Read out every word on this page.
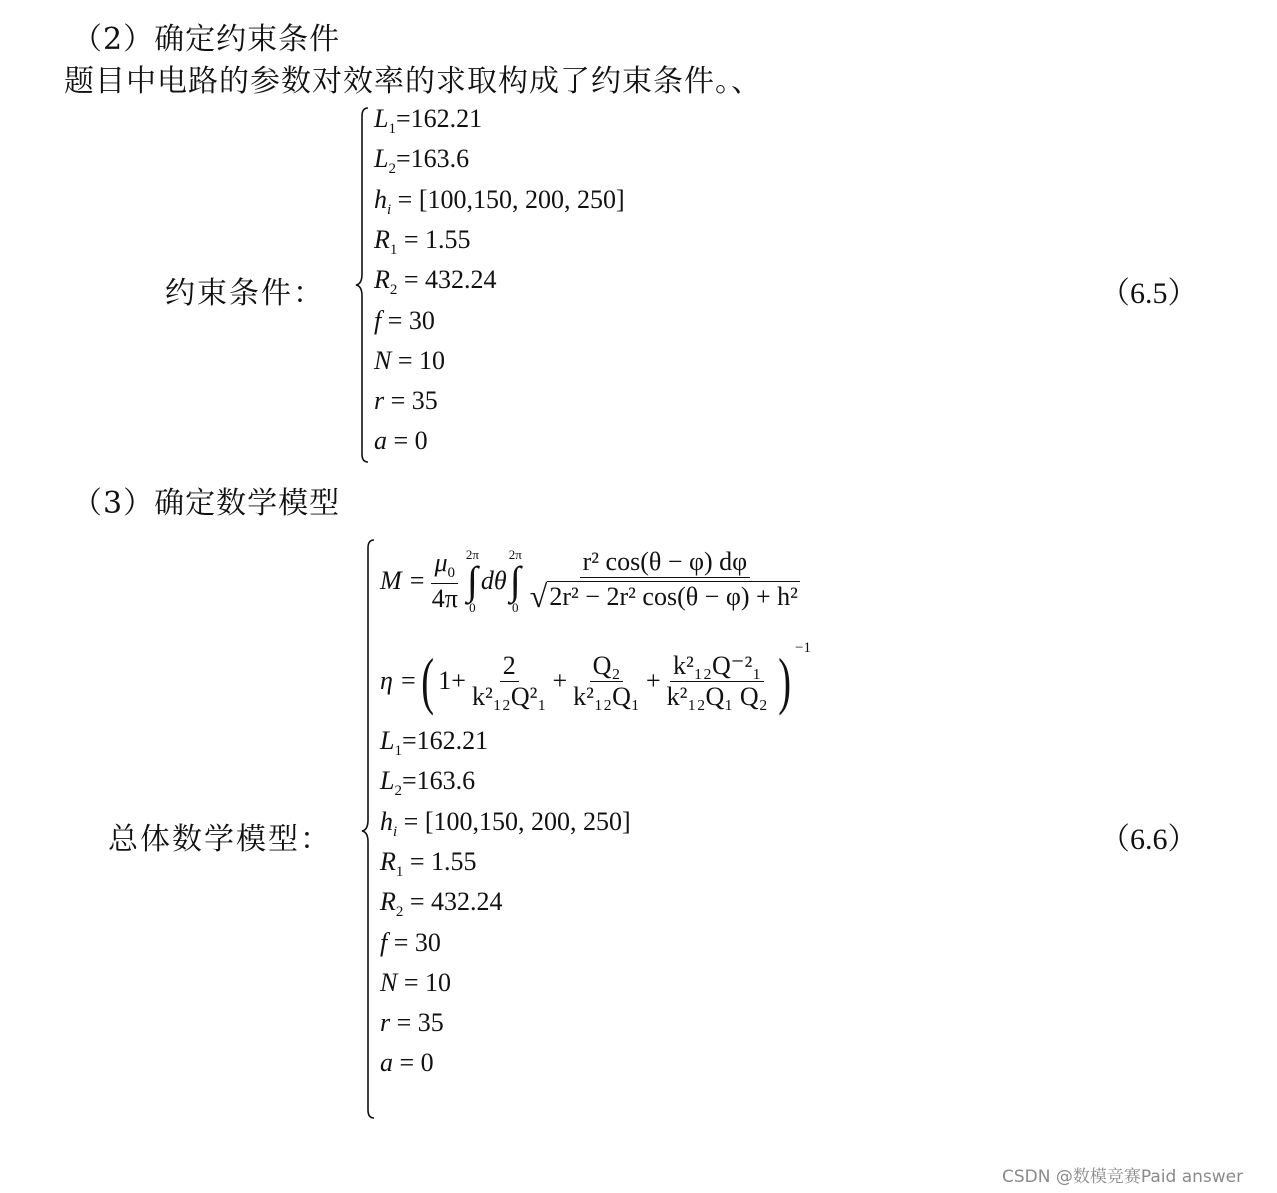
（2）确定约束条件
题目中电路的参数对效率的求取构成了约束条件。、
约束条件：	（6.5）
$L_1=162.21$
$L_2=163.6$
$h_i = [100,150$, 200, 250]
$R_1 = 1.55$
$R_2 = 432.24$
f = 30
N = 10
r = 35
a = 0
（3）确定数学模型
总体数学模型：	（6.6）
$M = \frac{\mu_0}{4\pi} 2\pi$
∫
0
dθ
2π
∫
$0 \frac{\text{r² cos(θ − φ) dφ}}{\text{√2r² − 2r² cos(θ − φ) + h²}}$
η = ( $1+ \frac{2}{\text{k²₁₂Q²₁}} + \frac{\text{Q₂}}{\text{k²₁₂Q₁}} + \frac{\text{k²₁₂Q⁻²₁}}{\text{k²₁₂Q₁ Q₂}}$ ) $^{-1}$
$L_1=162.21$
$L_2=163.6$
$h_i = [100,150$, 200, 250]
$R_1 = 1.55$
$R_2 = 432.24$
f = 30
N = 10
r = 35
a = 0
CSDN @数模竞赛Paid answer
